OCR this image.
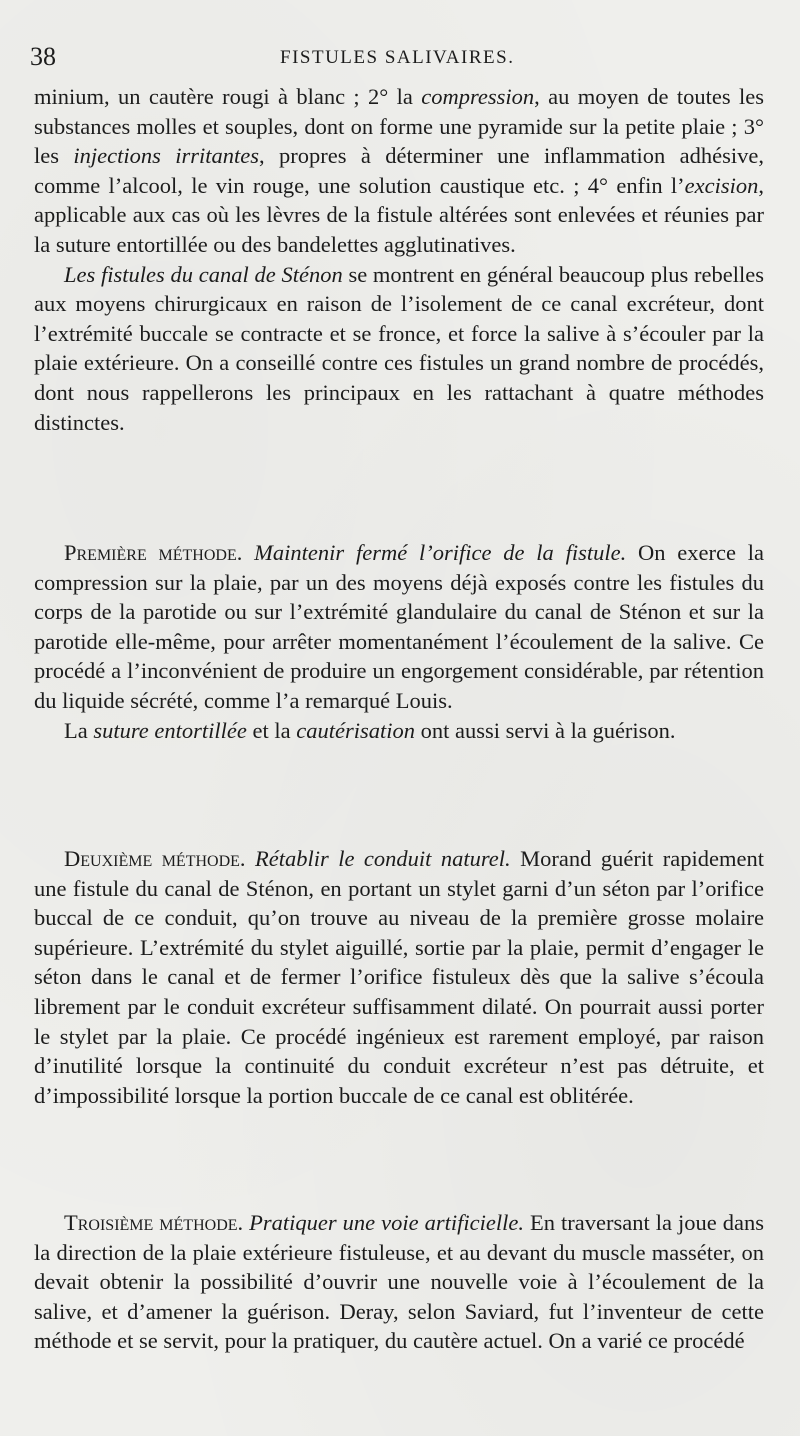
38	FISTULES SALIVAIRES.

minium, un cautère rougi à blanc ; 2° la compression, au moyen de toutes les substances molles et souples, dont on forme une pyramide sur la petite plaie ; 3° les injections irritantes, propres à déterminer une inflammation adhésive, comme l’alcool, le vin rouge, une solution caustique etc. ; 4° enfin l’excision, applicable aux cas où les lèvres de la fistule altérées sont enlevées et réunies par la suture entortillée ou des bandelettes agglutinatives.

Les fistules du canal de Sténon se montrent en général beaucoup plus rebelles aux moyens chirurgicaux en raison de l’isolement de ce canal excréteur, dont l’extrémité buccale se contracte et se fronce, et force la salive à s’écouler par la plaie extérieure. On a conseillé contre ces fistules un grand nombre de procédés, dont nous rappellerons les principaux en les rattachant à quatre méthodes distinctes.

Première méthode. Maintenir fermé l’orifice de la fistule. On exerce la compression sur la plaie, par un des moyens déjà exposés contre les fistules du corps de la parotide ou sur l’extrémité glandulaire du canal de Sténon et sur la parotide elle-même, pour arrêter momentanément l’écoulement de la salive. Ce procédé a l’inconvénient de produire un engorgement considérable, par rétention du liquide sécrété, comme l’a remarqué Louis.

La suture entortillée et la cautérisation ont aussi servi à la guérison.

Deuxième méthode. Rétablir le conduit naturel. Morand guérit rapidement une fistule du canal de Sténon, en portant un stylet garni d’un séton par l’orifice buccal de ce conduit, qu’on trouve au niveau de la première grosse molaire supérieure. L’extrémité du stylet aiguillé, sortie par la plaie, permit d’engager le séton dans le canal et de fermer l’orifice fistuleux dès que la salive s’écoula librement par le conduit excréteur suffisamment dilaté. On pourrait aussi porter le stylet par la plaie. Ce procédé ingénieux est rarement employé, par raison d’inutilité lorsque la continuité du conduit excréteur n’est pas détruite, et d’impossibilité lorsque la portion buccale de ce canal est oblitérée.

Troisième méthode. Pratiquer une voie artificielle. En traversant la joue dans la direction de la plaie extérieure fistuleuse, et au devant du muscle masséter, on devait obtenir la possibilité d’ouvrir une nouvelle voie à l’écoulement de la salive, et d’amener la guérison. Deray, selon Saviard, fut l’inventeur de cette méthode et se servit, pour la pratiquer, du cautère actuel. On a varié ce procédé
